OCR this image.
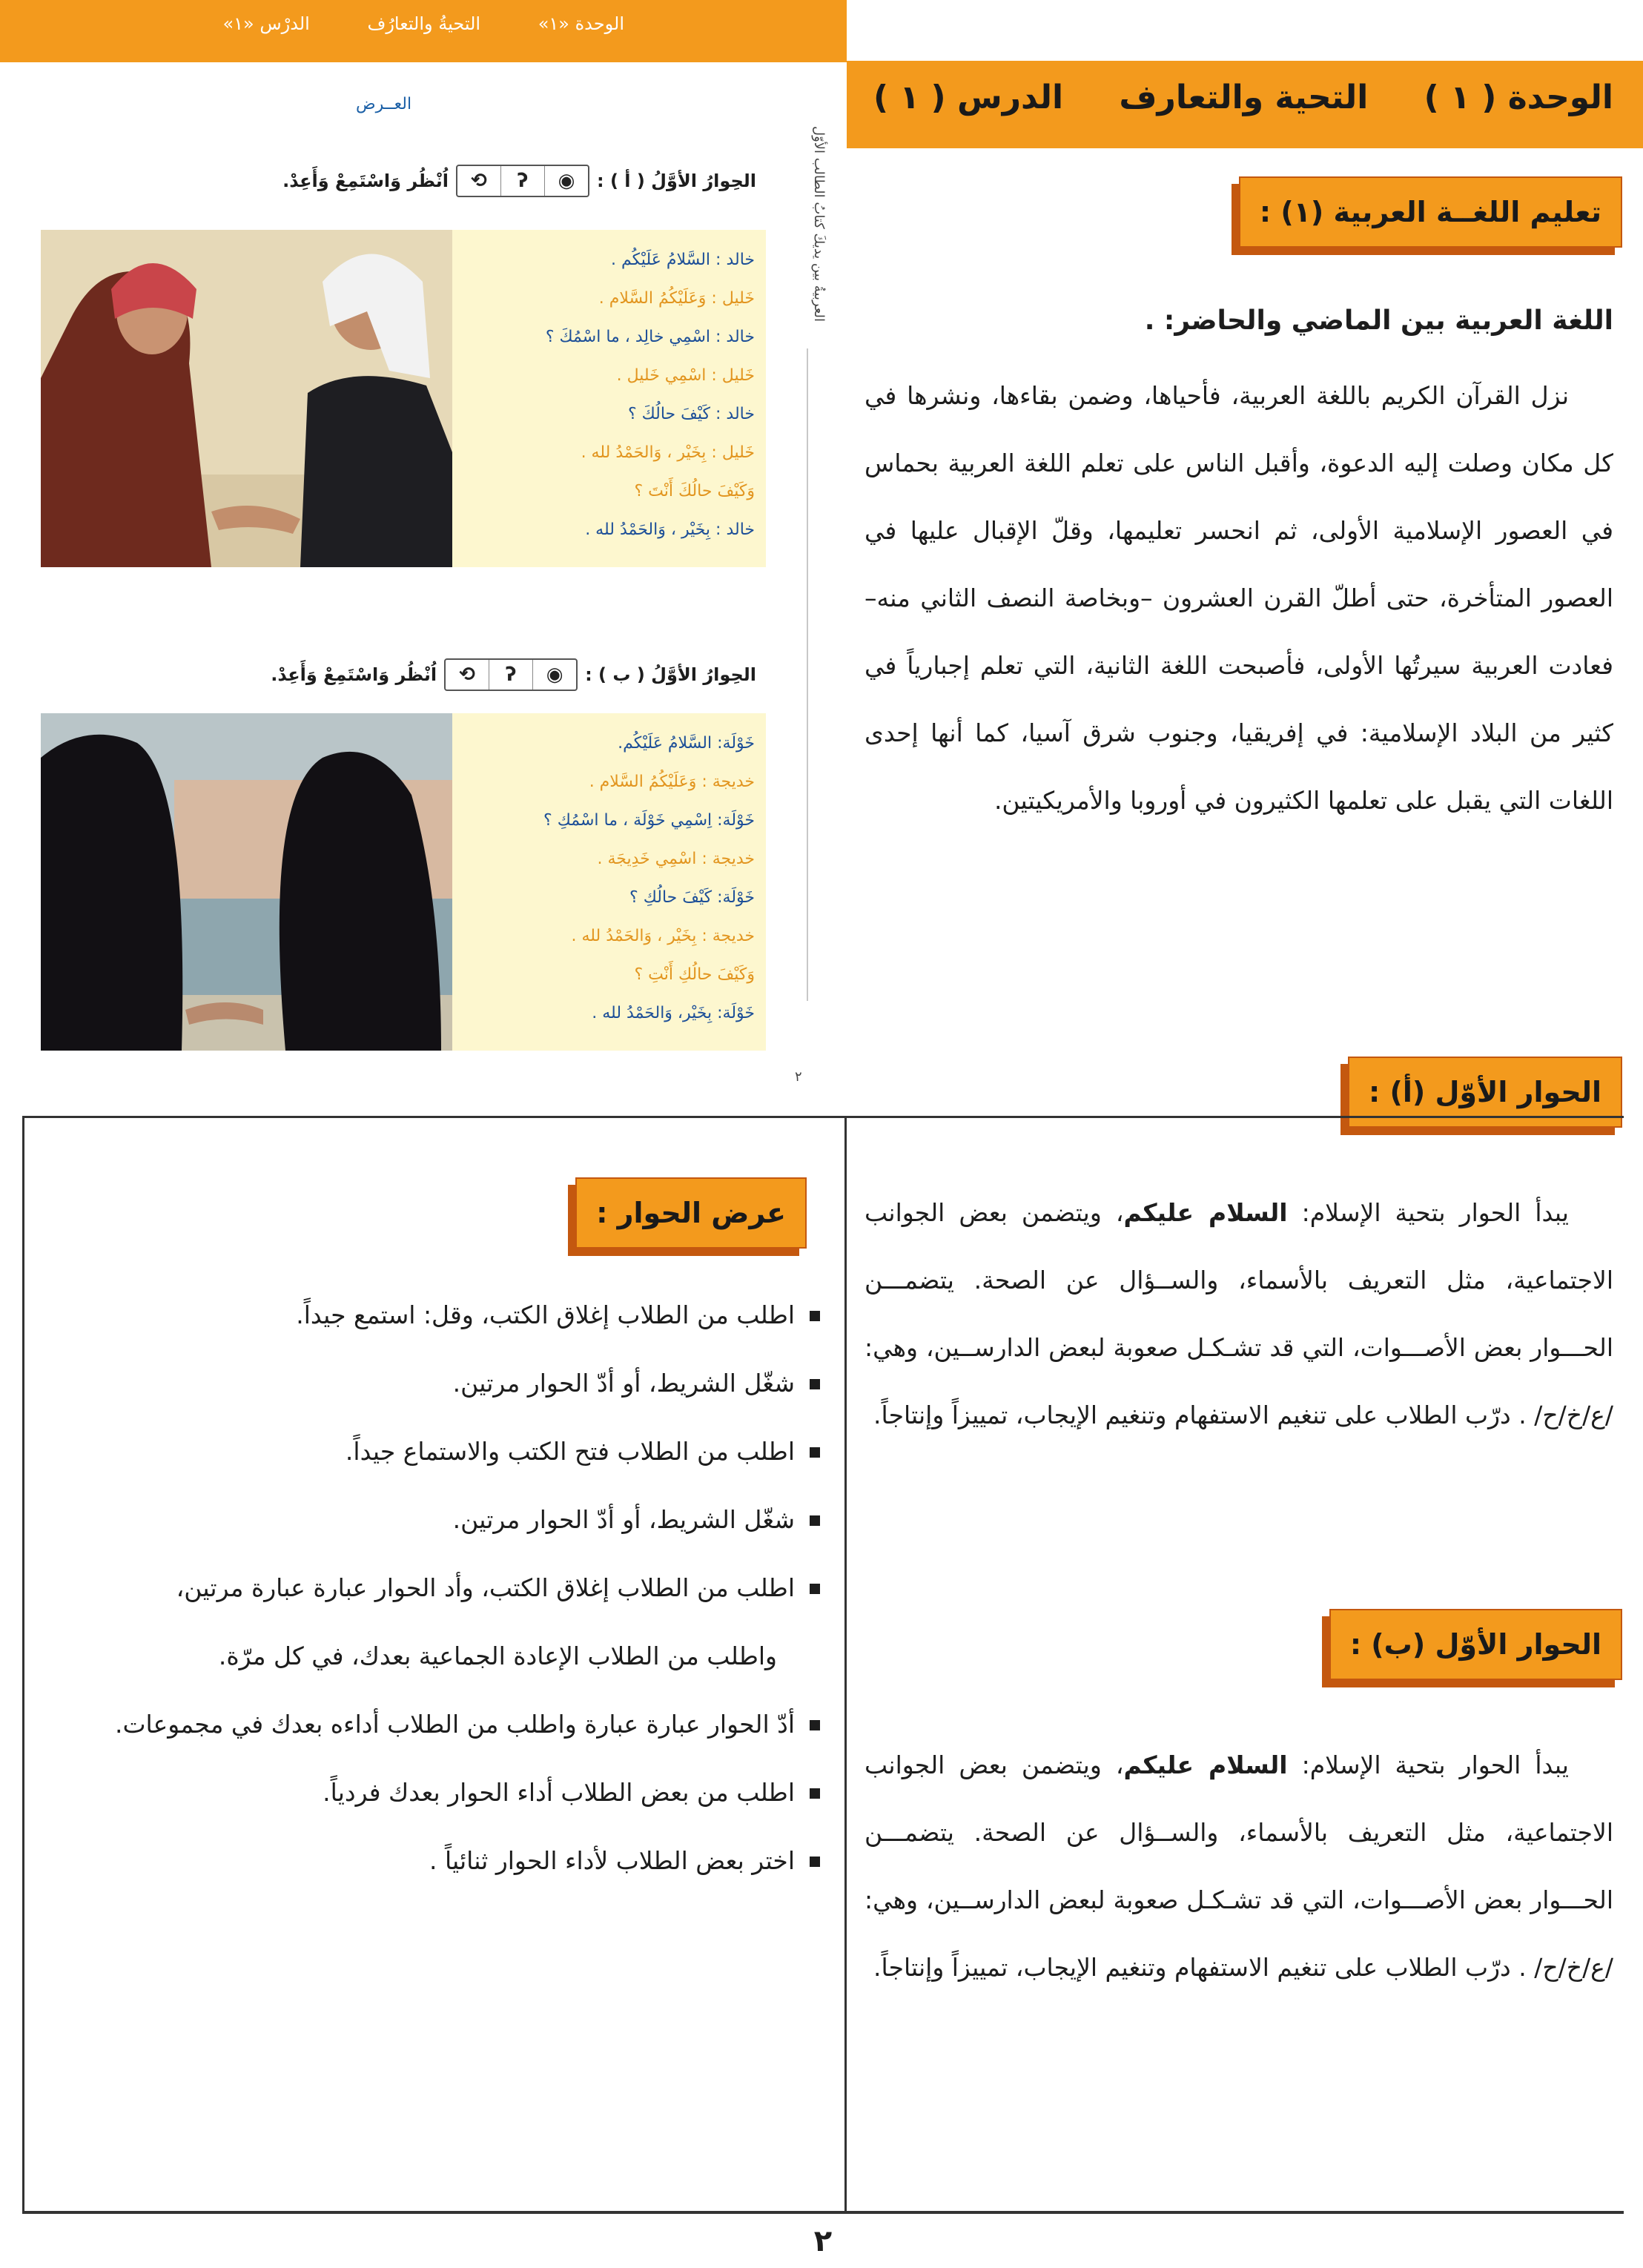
الوحدة «١» التحيةُ والتعارُف الدرْس «١»
العــرض
العربيةُ بين يديكَ كتابُ الطالب الأوّل
الحِوارُ الأوَّلُ ( أ ) :
◉
ʔ
⟲
اُنْظُر وَاسْتَمِعْ وَأَعِدْ.
خالد : السَّلامُ عَلَيْكُم .
خَليل : وَعَلَيْكُمُ السَّلام .
خالد : اسْمِي خالِد ، ما اسْمُكَ ؟
خَليل : اسْمِي خَليل .
خالد : كَيْفَ حالُكَ ؟
خَليل : بِخَيْر ، وَالحَمْدُ لله .
وَكَيْفَ حالُكَ أَنْتَ ؟
خالد : بِخَيْر ، وَالحَمْدُ لله .
الحِوارُ الأوَّلُ ( ب ) :
◉
ʔ
⟲
اُنْظُر وَاسْتَمِعْ وَأَعِدْ.
خَوْلَة: السَّلامُ عَلَيْكُم.
خديجة : وَعَلَيْكُمُ السَّلام .
خَوْلَة: اِسْمِي خَوْلَة ، ما اسْمُكِ ؟
خديجة : اسْمِي خَدِيجَة .
خَوْلَة: كَيْفَ حالُكِ ؟
خديجة : بِخَيْر ، وَالحَمْدُ لله .
وَكَيْفَ حالُكِ أَنْتِ ؟
خَوْلَة: بِخَيْر، وَالحَمْدُ لله .
٢
الوحدة ( ١ ) التحية والتعارف الدرس ( ١ )
تعليم اللغــة العربية (١) :
اللغة العربية بين الماضي والحاضر: .
نزل القرآن الكريم باللغة العربية، فأحياها، وضمن بقاءها، ونشرها في كل مكان وصلت إليه الدعوة، وأقبل الناس على تعلم اللغة العربية بحماس في العصور الإسلامية الأولى، ثم انحسر تعليمها، وقلّ الإقبال عليها في العصور المتأخرة، حتى أطلّ القرن العشرون –وبخاصة النصف الثاني منه– فعادت العربية سيرتُها الأولى، فأصبحت اللغة الثانية، التي تعلم إجبارياً في كثير من البلاد الإسلامية: في إفريقيا، وجنوب شرق آسيا، كما أنها إحدى اللغات التي يقبل على تعلمها الكثيرون في أوروبا والأمريكيتين.
الحوار الأوّل (أ) :
يبدأ الحوار بتحية الإسلام: السلام عليكم، ويتضمن بعض الجوانب الاجتماعية، مثل التعريف بالأسماء، والســؤال عن الصحة. يتضمـــن الحـــوار بعض الأصـــوات، التي قد تشـكـل صعوبة لبعض الدارســين، وهي: /ع/خ/ح/ . درّب الطلاب على تنغيم الاستفهام وتنغيم الإيجاب، تمييزاً وإنتاجاً.
الحوار الأوّل (ب) :
يبدأ الحوار بتحية الإسلام: السلام عليكم، ويتضمن بعض الجوانب الاجتماعية، مثل التعريف بالأسماء، والســؤال عن الصحة. يتضمـــن الحـــوار بعض الأصـــوات، التي قد تشـكـل صعوبة لبعض الدارســين، وهي: /ع/خ/ح/ . درّب الطلاب على تنغيم الاستفهام وتنغيم الإيجاب، تمييزاً وإنتاجاً.
عرض الحوار :
اطلب من الطلاب إغلاق الكتب، وقل: استمع جيداً.
شغّل الشريط، أو أدّ الحوار مرتين.
اطلب من الطلاب فتح الكتب والاستماع جيداً.
شغّل الشريط، أو أدّ الحوار مرتين.
اطلب من الطلاب إغلاق الكتب، وأد الحوار عبارة عبارة مرتين،
واطلب من الطلاب الإعادة الجماعية بعدك، في كل مرّة.
أدّ الحوار عبارة عبارة واطلب من الطلاب أداءه بعدك في مجموعات.
اطلب من بعض الطلاب أداء الحوار بعدك فردياً.
اختر بعض الطلاب لأداء الحوار ثنائياً .
٢
